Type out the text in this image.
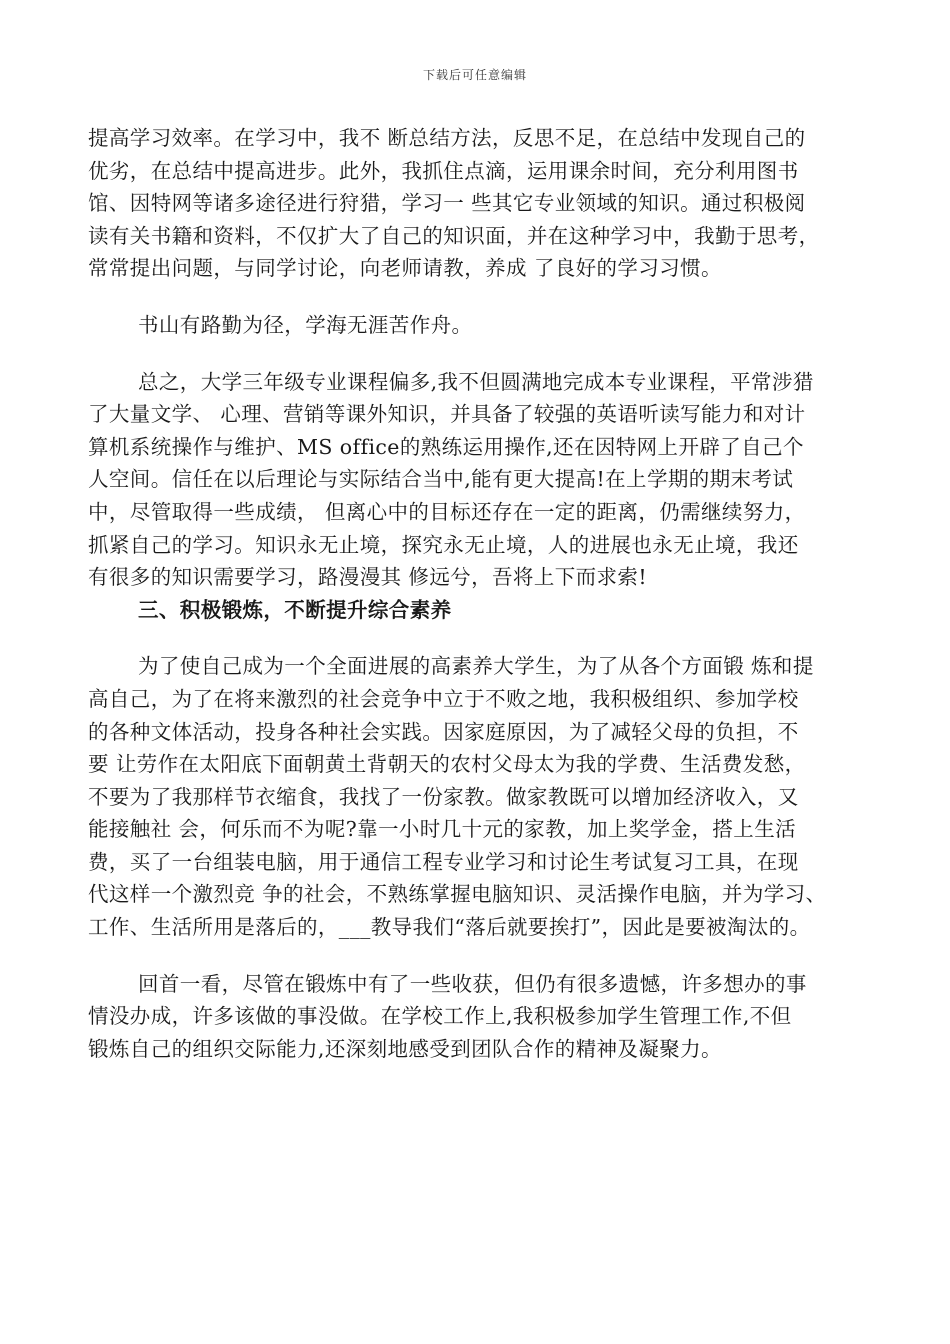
下载后可任意编辑

提高学习效率。在学习中，我不 断总结方法，反思不足，在总结中发现自己的
优劣，在总结中提高进步。此外，我抓住点滴，运用课余时间，充分利用图书
馆、因特网等诸多途径进行狩猎，学习一 些其它专业领域的知识。通过积极阅
读有关书籍和资料，不仅扩大了自己的知识面，并在这种学习中，我勤于思考，
常常提出问题，与同学讨论，向老师请教，养成 了良好的学习习惯。

书山有路勤为径，学海无涯苦作舟。

总之，大学三年级专业课程偏多,我不但圆满地完成本专业课程，平常涉猎
了大量文学、 心理、营销等课外知识，并具备了较强的英语听读写能力和对计
算机系统操作与维护、MS office的熟练运用操作,还在因特网上开辟了自己个
人空间。信任在以后理论与实际结合当中,能有更大提高!在上学期的期末考试
中，尽管取得一些成绩， 但离心中的目标还存在一定的距离，仍需继续努力，
抓紧自己的学习。知识永无止境，探究永无止境，人的进展也永无止境，我还
有很多的知识需要学习，路漫漫其 修远兮，吾将上下而求索!

三、积极锻炼，不断提升综合素养

为了使自己成为一个全面进展的高素养大学生，为了从各个方面锻 炼和提
高自己，为了在将来激烈的社会竞争中立于不败之地，我积极组织、参加学校
的各种文体活动，投身各种社会实践。因家庭原因，为了减轻父母的负担，不
要 让劳作在太阳底下面朝黄土背朝天的农村父母太为我的学费、生活费发愁，
不要为了我那样节衣缩食，我找了一份家教。做家教既可以增加经济收入，又
能接触社 会，何乐而不为呢?靠一小时几十元的家教，加上奖学金，搭上生活
费，买了一台组装电脑，用于通信工程专业学习和讨论生考试复习工具，在现
代这样一个激烈竞 争的社会，不熟练掌握电脑知识、灵活操作电脑，并为学习、
工作、生活所用是落后的，___教导我们“落后就要挨打”，因此是要被淘汰的。

回首一看，尽管在锻炼中有了一些收获，但仍有很多遗憾，许多想办的事
情没办成，许多该做的事没做。在学校工作上,我积极参加学生管理工作,不但
锻炼自己的组织交际能力,还深刻地感受到团队合作的精神及凝聚力。
